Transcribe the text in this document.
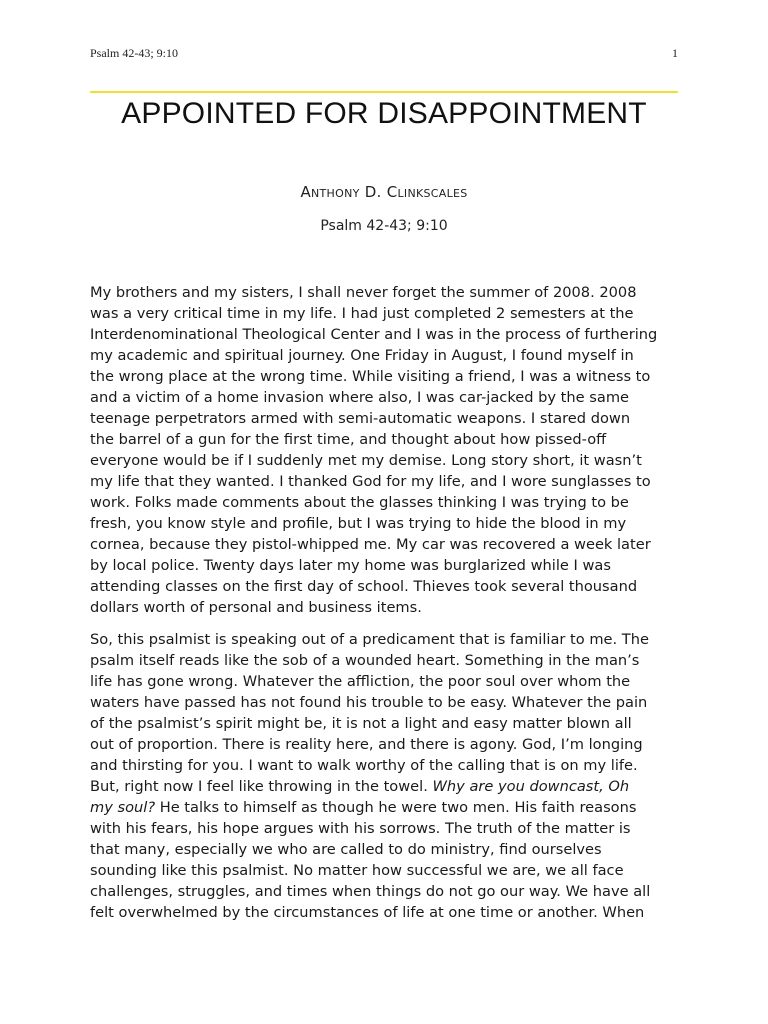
Psalm 42-43; 9:10	1
APPOINTED FOR DISAPPOINTMENT
Anthony D. Clinkscales
Psalm 42-43; 9:10

My brothers and my sisters, I shall never forget the summer of 2008. 2008
was a very critical time in my life. I had just completed 2 semesters at the
Interdenominational Theological Center and I was in the process of furthering
my academic and spiritual journey. One Friday in August, I found myself in
the wrong place at the wrong time. While visiting a friend, I was a witness to
and a victim of a home invasion where also, I was car-jacked by the same
teenage perpetrators armed with semi-automatic weapons. I stared down
the barrel of a gun for the first time, and thought about how pissed-off
everyone would be if I suddenly met my demise. Long story short, it wasn’t
my life that they wanted. I thanked God for my life, and I wore sunglasses to
work. Folks made comments about the glasses thinking I was trying to be
fresh, you know style and profile, but I was trying to hide the blood in my
cornea, because they pistol-whipped me. My car was recovered a week later
by local police. Twenty days later my home was burglarized while I was
attending classes on the first day of school. Thieves took several thousand
dollars worth of personal and business items.

So, this psalmist is speaking out of a predicament that is familiar to me. The
psalm itself reads like the sob of a wounded heart. Something in the man’s
life has gone wrong. Whatever the affliction, the poor soul over whom the
waters have passed has not found his trouble to be easy. Whatever the pain
of the psalmist’s spirit might be, it is not a light and easy matter blown all
out of proportion. There is reality here, and there is agony. God, I’m longing
and thirsting for you. I want to walk worthy of the calling that is on my life.
But, right now I feel like throwing in the towel. Why are you downcast, Oh
my soul? He talks to himself as though he were two men. His faith reasons
with his fears, his hope argues with his sorrows. The truth of the matter is
that many, especially we who are called to do ministry, find ourselves
sounding like this psalmist. No matter how successful we are, we all face
challenges, struggles, and times when things do not go our way. We have all
felt overwhelmed by the circumstances of life at one time or another. When
